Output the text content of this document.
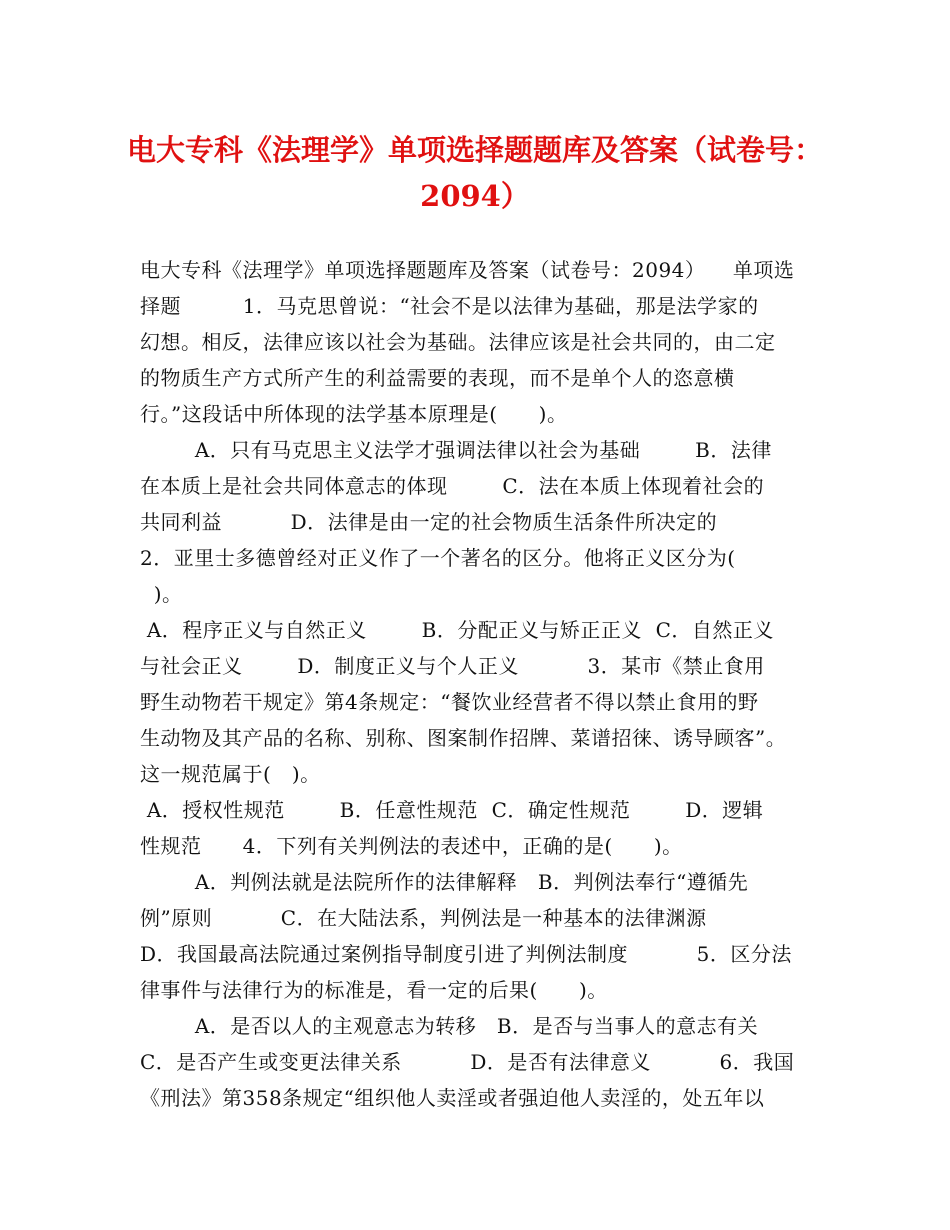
电大专科《法理学》单项选择题题库及答案（试卷号：
2094）
电大专科《法理学》单项选择题题库及答案（试卷号：2094）    单项选
择题         1．马克思曾说：“社会不是以法律为基础，那是法学家的
幻想。相反，法律应该以社会为基础。法律应该是社会共同的，由二定
的物质生产方式所产生的利益需要的表现，而不是单个人的恣意横
行。”这段话中所体现的法学基本原理是(      )。
A．只有马克思主义法学才强调法律以社会为基础        B．法律
在本质上是社会共同体意志的体现        C．法在本质上体现着社会的
共同利益          D．法律是由一定的社会物质生活条件所决定的
2．亚里士多德曾经对正义作了一个著名的区分。他将正义区分为(
)。
A．程序正义与自然正义        B．分配正义与矫正正义  C．自然正义
与社会正义        D．制度正义与个人正义          3．某市《禁止食用
野生动物若干规定》第4条规定：“餐饮业经营者不得以禁止食用的野
生动物及其产品的名称、别称、图案制作招牌、菜谱招徕、诱导顾客”。
这一规范属于(   )。
A．授权性规范        B．任意性规范  C．确定性规范        D．逻辑
性规范      4．下列有关判例法的表述中，正确的是(      )。
A．判例法就是法院所作的法律解释   B．判例法奉行“遵循先
例”原则          C．在大陆法系，判例法是一种基本的法律渊源
D．我国最高法院通过案例指导制度引进了判例法制度          5．区分法
律事件与法律行为的标准是，看一定的后果(      )。
A．是否以人的主观意志为转移   B．是否与当事人的意志有关
C．是否产生或变更法律关系          D．是否有法律意义          6．我国
《刑法》第358条规定“组织他人卖淫或者强迫他人卖淫的，处五年以
